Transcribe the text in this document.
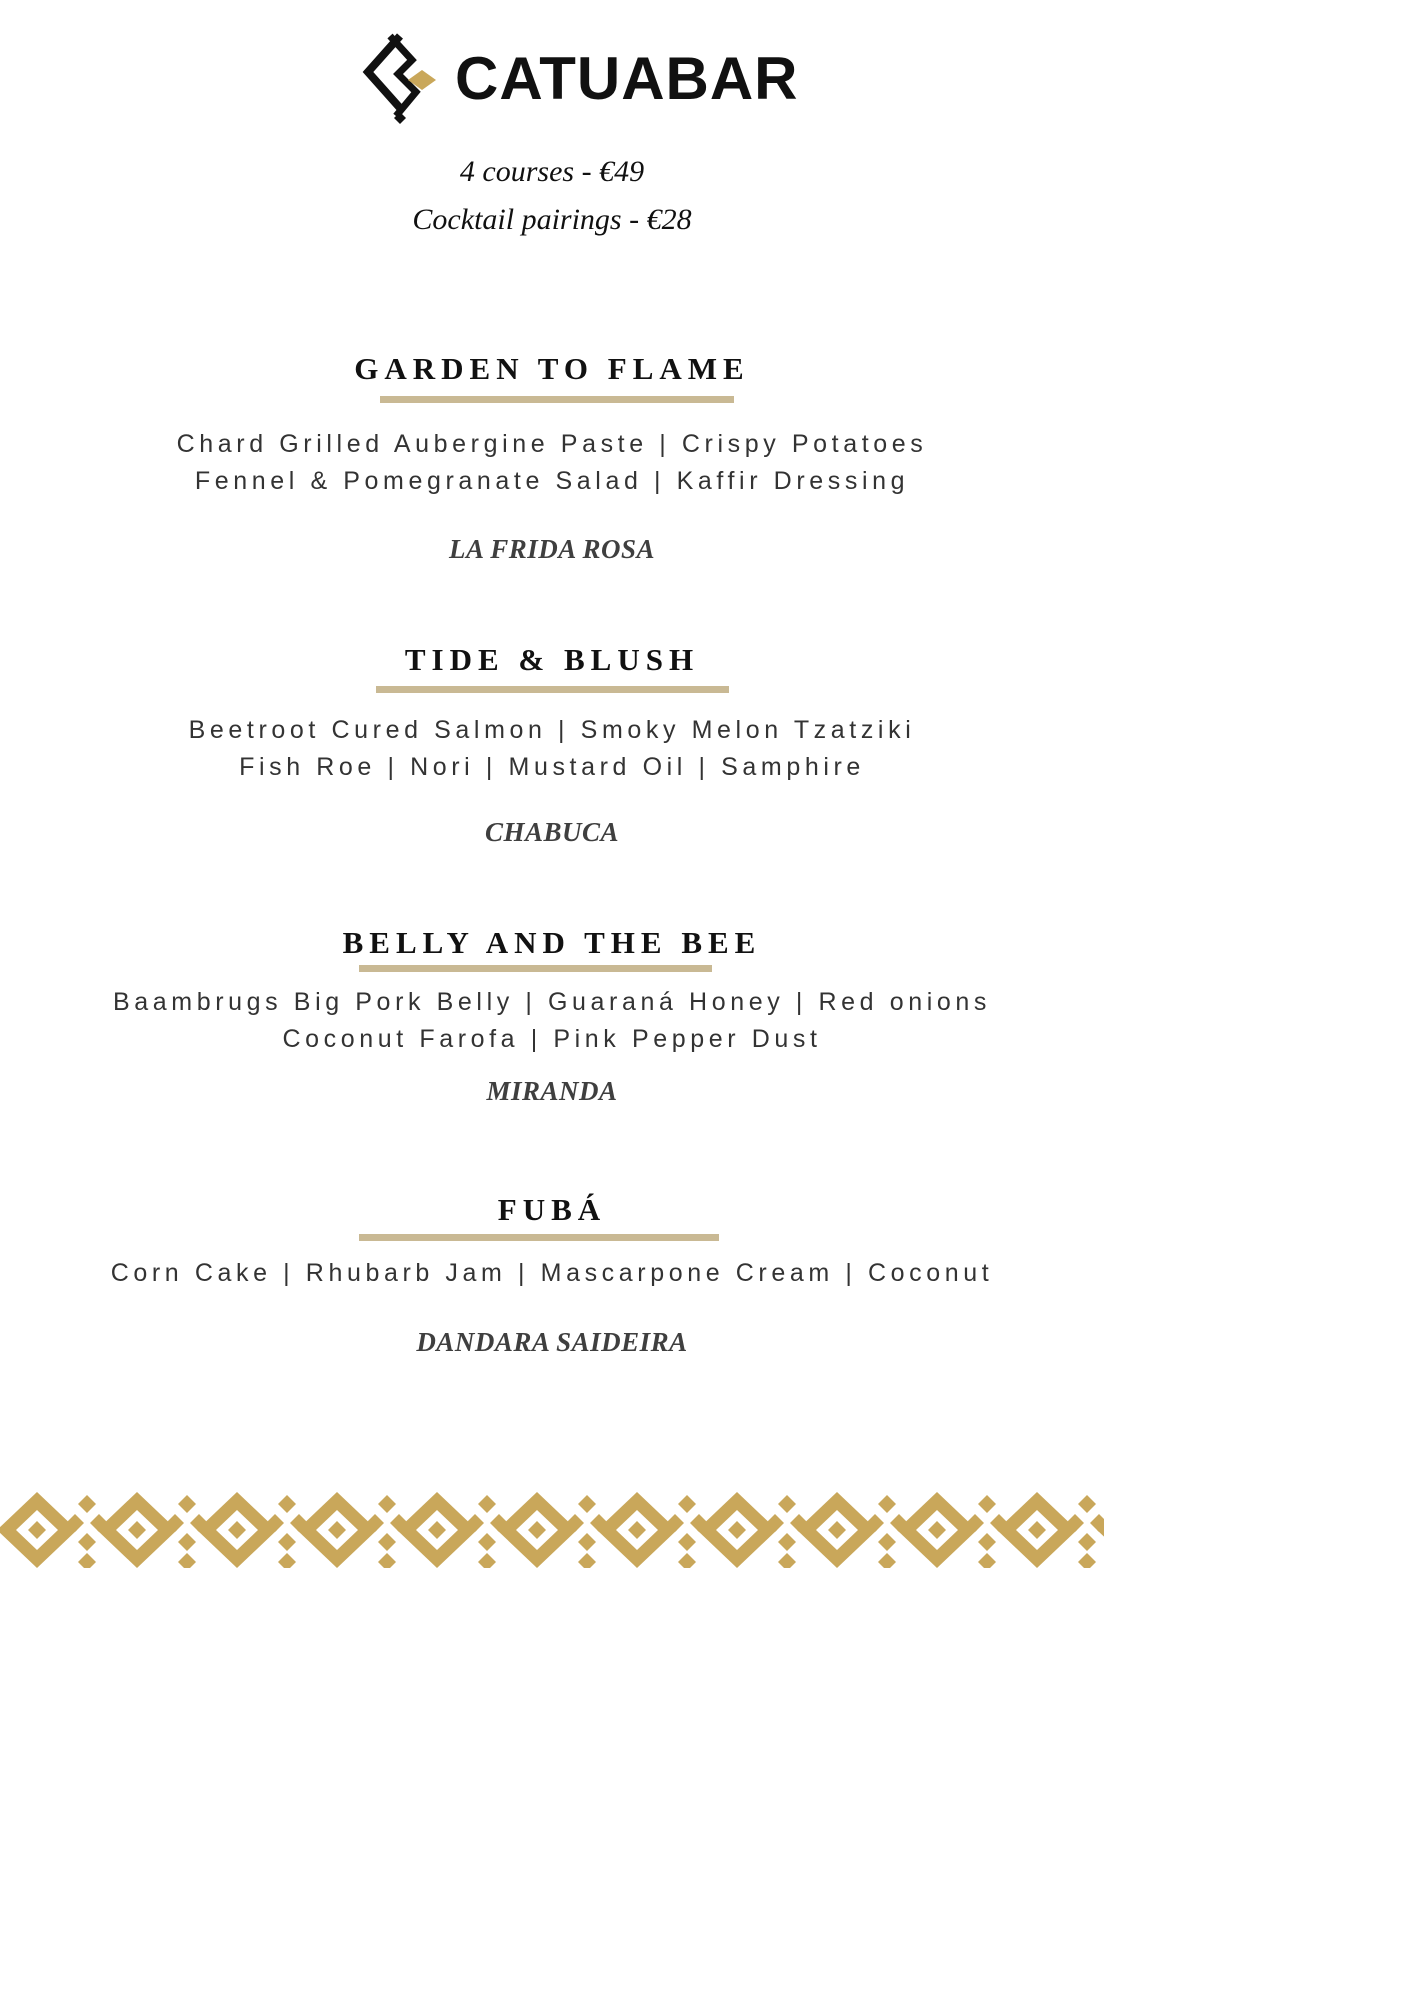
CATUABAR
4 courses - €49
Cocktail pairings - €28
GARDEN TO FLAME
Chard Grilled Aubergine Paste | Crispy Potatoes
Fennel & Pomegranate Salad | Kaffir Dressing
LA FRIDA ROSA
TIDE & BLUSH
Beetroot Cured Salmon | Smoky Melon Tzatziki
Fish Roe | Nori | Mustard Oil | Samphire
CHABUCA
BELLY AND THE BEE
Baambrugs Big Pork Belly | Guaraná Honey | Red onions
Coconut Farofa | Pink Pepper Dust
MIRANDA
FUBÁ
Corn Cake | Rhubarb Jam | Mascarpone Cream | Coconut
DANDARA SAIDEIRA
